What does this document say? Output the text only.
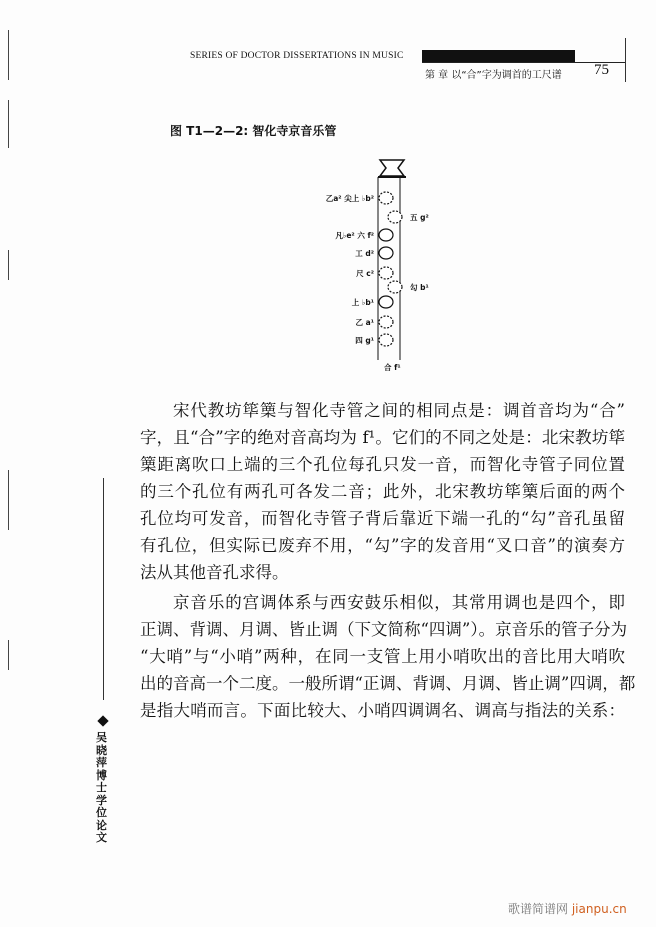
SERIES OF DOCTOR DISSERTATIONS IN MUSIC
第 章 以“合”字为调首的工尺谱 75
图 T1—2—2: 智化寺京音乐管
乙a² 尖上 ♭b²
凡♭e² 六 f²
工 d²
尺 c²
上 ♭b¹
乙 a¹
四 g¹
五 g²
勾 b¹
合 f¹
宋代教坊筚篥与智化寺管之间的相同点是：调首音均为“合”
字，且“合”字的绝对音高均为 f¹。它们的不同之处是：北宋教坊筚
篥距离吹口上端的三个孔位每孔只发一音，而智化寺管子同位置
的三个孔位有两孔可各发二音；此外，北宋教坊筚篥后面的两个
孔位均可发音，而智化寺管子背后靠近下端一孔的“勾”音孔虽留
有孔位，但实际已废弃不用，“勾”字的发音用“叉口音”的演奏方
法从其他音孔求得。
京音乐的宫调体系与西安鼓乐相似，其常用调也是四个，即
正调、背调、月调、皆止调（下文简称“四调”）。京音乐的管子分为
“大哨”与“小哨”两种，在同一支管上用小哨吹出的音比用大哨吹
出的音高一个二度。一般所谓“正调、背调、月调、皆止调”四调，都
是指大哨而言。下面比较大、小哨四调调名、调高与指法的关系：
吴晓萍博士学位论文
歌谱简谱网 jianpu.cn
